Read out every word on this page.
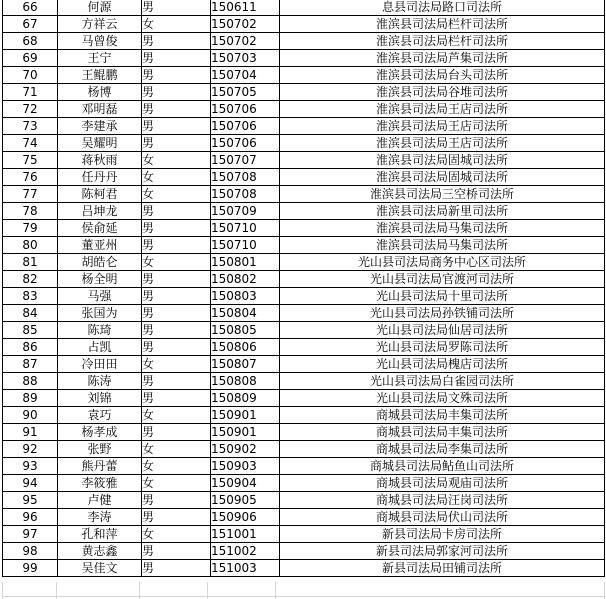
66	何源	男	150611	息县司法局路口司法所
67	方祥云	女	150702	淮滨县司法局栏杆司法所
68	马曾俊	男	150702	淮滨县司法局栏杆司法所
69	王宁	男	150703	淮滨县司法局芦集司法所
70	王鲲鹏	男	150704	淮滨县司法局台头司法所
71	杨博	男	150705	淮滨县司法局谷堆司法所
72	邓明磊	男	150706	淮滨县司法局王店司法所
73	李建承	男	150706	淮滨县司法局王店司法所
74	吴耀明	男	150706	淮滨县司法局王店司法所
75	蒋秋雨	女	150707	淮滨县司法局固城司法所
76	任丹丹	女	150708	淮滨县司法局固城司法所
77	陈柯君	女	150708	淮滨县司法局三空桥司法所
78	吕坤龙	男	150709	淮滨县司法局新里司法所
79	侯俞延	男	150710	淮滨县司法局马集司法所
80	董亚州	男	150710	淮滨县司法局马集司法所
81	胡皓仑	女	150801	光山县司法局商务中心区司法所
82	杨全明	男	150802	光山县司法局官渡河司法所
83	马强	男	150803	光山县司法局十里司法所
84	张国为	男	150804	光山县司法局孙铁铺司法所
85	陈琦	男	150805	光山县司法局仙居司法所
86	占凯	男	150806	光山县司法局罗陈司法所
87	冷田田	女	150807	光山县司法局槐店司法所
88	陈涛	男	150808	光山县司法局白雀园司法所
89	刘锦	男	150809	光山县司法局文殊司法所
90	袁巧	女	150901	商城县司法局丰集司法所
91	杨孝成	男	150901	商城县司法局丰集司法所
92	张野	女	150902	商城县司法局李集司法所
93	熊丹蕾	女	150903	商城县司法局鲇鱼山司法所
94	李筱雅	女	150904	商城县司法局观庙司法所
95	卢健	男	150905	商城县司法局汪岗司法所
96	李涛	男	150906	商城县司法局伏山司法所
97	孔和萍	女	151001	新县司法局卡房司法所
98	黄志鑫	男	151002	新县司法局郭家河司法所
99	吴佳文	男	151003	新县司法局田铺司法所
